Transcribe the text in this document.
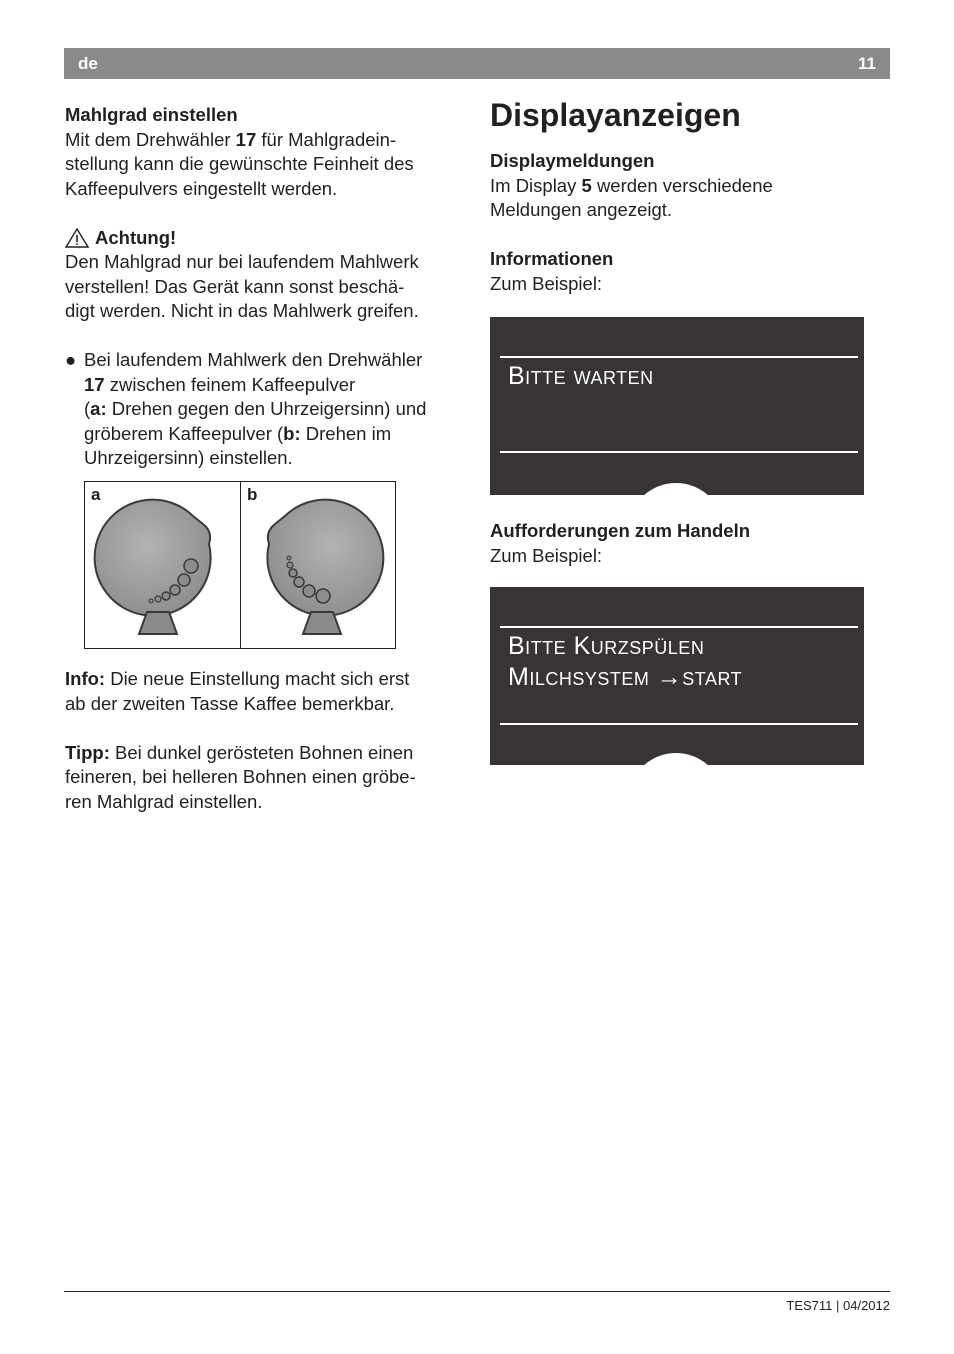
de	11

Mahlgrad einstellen

Mit dem Drehwähler 17 für Mahlgradein-

stellung kann die gewünschte Feinheit des

Kaffeepulvers eingestellt werden.

Achtung!

Den Mahlgrad nur bei laufendem Mahlwerk

verstellen! Das Gerät kann sonst beschä-

digt werden. Nicht in das Mahlwerk greifen.

● Bei laufendem Mahlwerk den Drehwähler

17 zwischen feinem Kaffeepulver

(a: Drehen gegen den Uhrzeigersinn) und

gröberem Kaffeepulver (b: Drehen im

Uhrzeigersinn) einstellen.

a	b

Info: Die neue Einstellung macht sich erst

ab der zweiten Tasse Kaffee bemerkbar.

Tipp: Bei dunkel gerösteten Bohnen einen

feineren, bei helleren Bohnen einen gröbe-

ren Mahlgrad einstellen.

Displayanzeigen

Displaymeldungen

Im Display 5 werden verschiedene

Meldungen angezeigt.

Informationen

Zum Beispiel:

Bitte warten

Aufforderungen zum Handeln

Zum Beispiel:

Bitte Kurzspülen
Milchsystem →start
TES711 | 04/2012
